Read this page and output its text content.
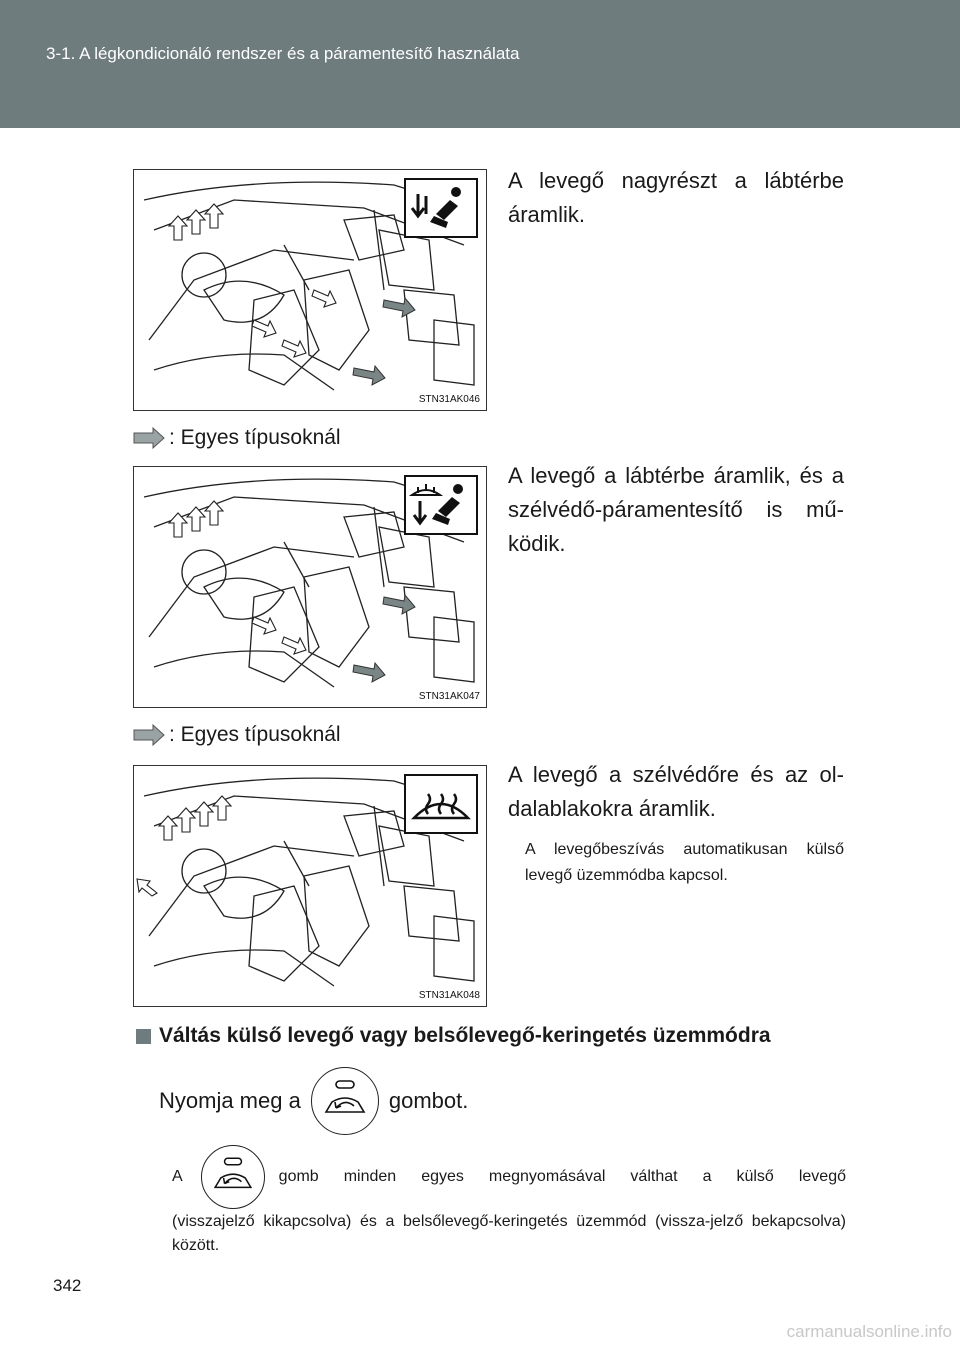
3-1. A légkondicionáló rendszer és a páramentesítő használata
STN31AK046
A levegő nagyrészt a lábtérbe áramlik.
: Egyes típusoknál
STN31AK047
A levegő a lábtérbe áramlik, és a szélvédő-páramentesítő is mű-ködik.
: Egyes típusoknál
STN31AK048
A levegő a szélvédőre és az ol-dalablakokra áramlik.
A levegőbeszívás automatikusan külső levegő üzemmódba kapcsol.
Váltás külső levegő vagy belsőlevegő-keringetés üzemmódra
Nyomja meg a	gombot.
A	gomb minden egyes megnyomásával válthat a külső levegő
(visszajelző kikapcsolva) és a belsőlevegő-keringetés üzemmód (vissza-jelző bekapcsolva) között.
342
carmanualsonline.info
